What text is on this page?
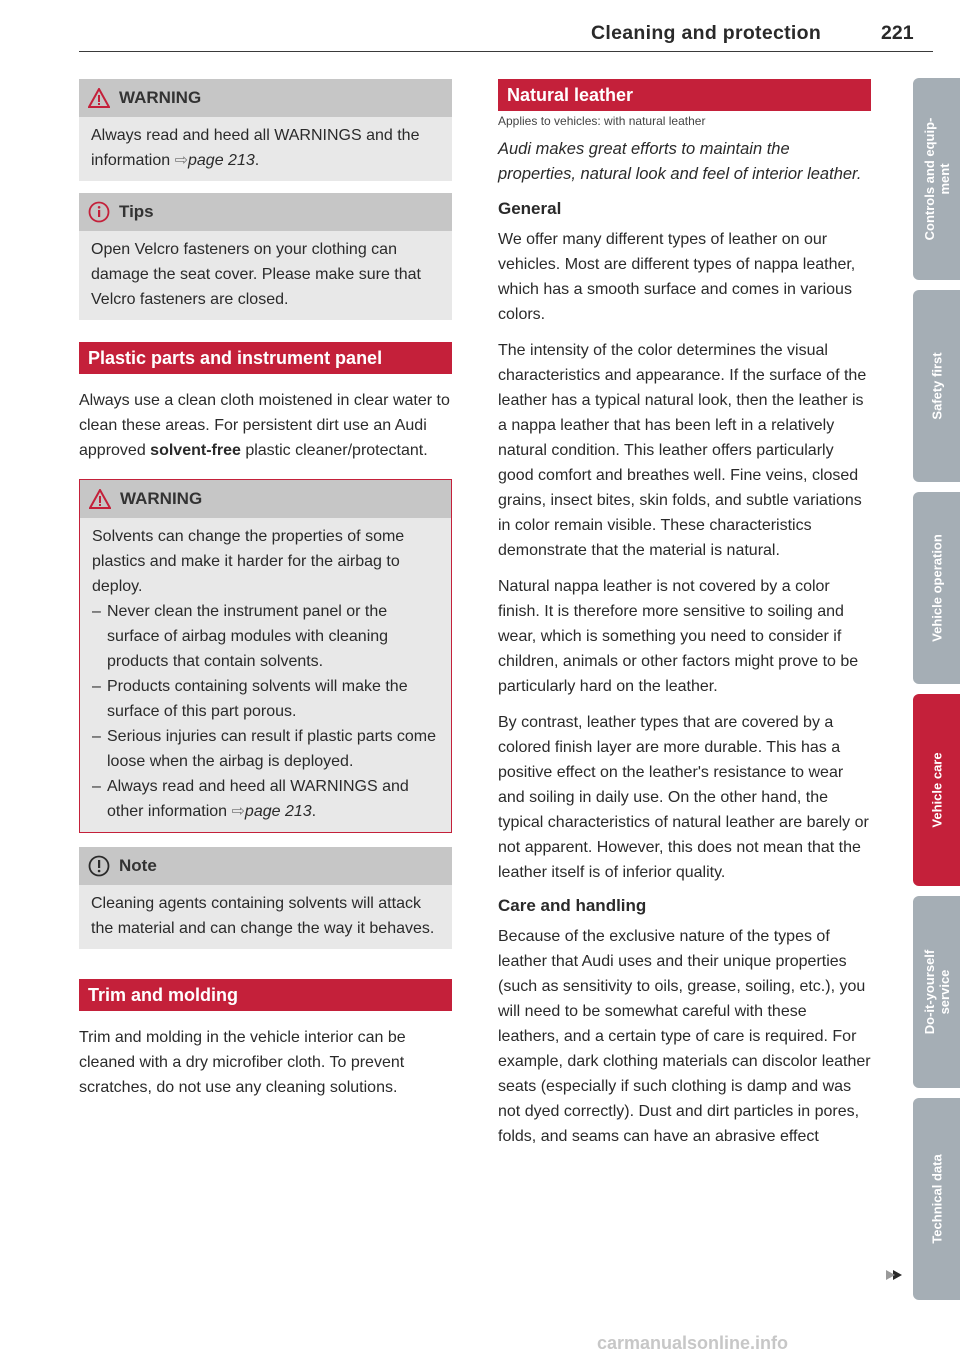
Cleaning and protection	221
WARNING

Always read and heed all WARNINGS and the information ⇨page 213.

Tips

Open Velcro fasteners on your clothing can damage the seat cover. Please make sure that Velcro fasteners are closed.

Plastic parts and instrument panel

Always use a clean cloth moistened in clear water to clean these areas. For persistent dirt use an Audi approved solvent-free plastic cleaner/protectant.

WARNING

Solvents can change the properties of some plastics and make it harder for the airbag to deploy.

– Never clean the instrument panel or the surface of airbag modules with cleaning products that contain solvents.
– Products containing solvents will make the surface of this part porous.
– Serious injuries can result if plastic parts come loose when the airbag is deployed.
– Always read and heed all WARNINGS and other information ⇨page 213.
Note

Cleaning agents containing solvents will attack the material and can change the way it behaves.

Trim and molding

Trim and molding in the vehicle interior can be cleaned with a dry microfiber cloth. To prevent scratches, do not use any cleaning solutions.

Natural leather
Applies to vehicles: with natural leather

Audi makes great efforts to maintain the properties, natural look and feel of interior leather.

General

We offer many different types of leather on our vehicles. Most are different types of nappa leather, which has a smooth surface and comes in various colors.

The intensity of the color determines the visual characteristics and appearance. If the surface of the leather has a typical natural look, then the leather is a nappa leather that has been left in a relatively natural condition. This leather offers particularly good comfort and breathes well. Fine veins, closed grains, insect bites, skin folds, and subtle variations in color remain visible. These characteristics demonstrate that the material is natural.

Natural nappa leather is not covered by a color finish. It is therefore more sensitive to soiling and wear, which is something you need to consider if children, animals or other factors might prove to be particularly hard on the leather.

By contrast, leather types that are covered by a colored finish layer are more durable. This has a positive effect on the leather's resistance to wear and soiling in daily use. On the other hand, the typical characteristics of natural leather are barely or not apparent. However, this does not mean that the leather itself is of inferior quality.

Care and handling

Because of the exclusive nature of the types of leather that Audi uses and their unique properties (such as sensitivity to oils, grease, soiling, etc.), you will need to be somewhat careful with these leathers, and a certain type of care is required. For example, dark clothing materials can discolor leather seats (especially if such clothing is damp and was not dyed correctly). Dust and dirt particles in pores, folds, and seams can have an abrasive effect

Controls and equip-
ment
Safety first
Vehicle operation
Vehicle care
Do-it-yourself
service
Technical data
carmanualsonline.info
